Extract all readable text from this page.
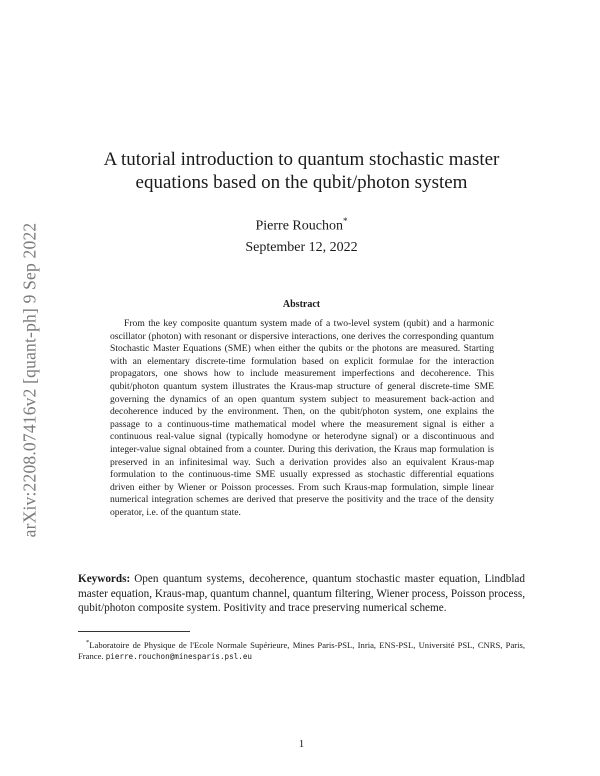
arXiv:2208.07416v2 [quant-ph] 9 Sep 2022
A tutorial introduction to quantum stochastic master
equations based on the qubit/photon system
Pierre Rouchon*
September 12, 2022
Abstract

From the key composite quantum system made of a two-level system (qubit) and a harmonic oscillator (photon) with resonant or dispersive interactions, one derives the corresponding quantum Stochastic Master Equations (SME) when either the qubits or the photons are measured. Starting with an elementary discrete-time formulation based on explicit formulae for the interaction propagators, one shows how to include measurement imperfections and decoherence. This qubit/photon quantum system illustrates the Kraus-map structure of general discrete-time SME governing the dynamics of an open quantum system subject to measurement back-action and decoherence induced by the environment. Then, on the qubit/photon system, one explains the passage to a continuous-time mathematical model where the measurement signal is either a continuous real-value signal (typically homodyne or heterodyne signal) or a discontinuous and integer-value signal obtained from a counter. During this derivation, the Kraus map formulation is preserved in an infinitesimal way. Such a derivation provides also an equivalent Kraus-map formulation to the continuous-time SME usually expressed as stochastic differential equations driven either by Wiener or Poisson processes. From such Kraus-map formulation, simple linear numerical integration schemes are derived that preserve the positivity and the trace of the density operator, i.e. of the quantum state.

Keywords: Open quantum systems, decoherence, quantum stochastic master equation, Lindblad master equation, Kraus-map, quantum channel, quantum filtering, Wiener process, Poisson process, qubit/photon composite system. Positivity and trace preserving numerical scheme.

*Laboratoire de Physique de l'Ecole Normale Supérieure, Mines Paris-PSL, Inria, ENS-PSL, Université PSL, CNRS, Paris, France. pierre.rouchon@minesparis.psl.eu

1
